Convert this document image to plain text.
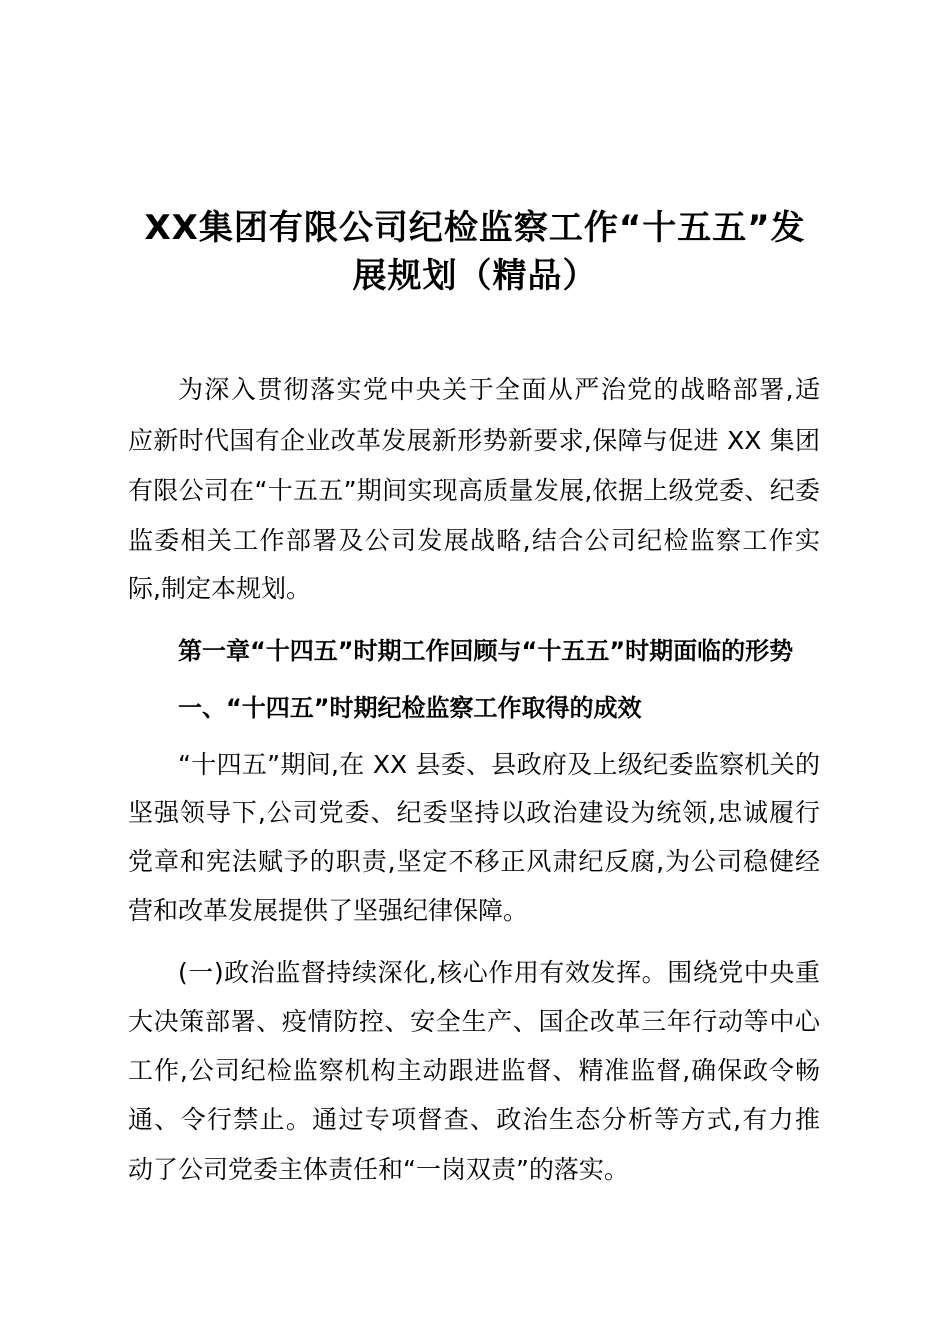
XX集团有限公司纪检监察工作“十五五”发
展规划（精品）
为深入贯彻落实党中央关于全面从严治党的战略部署,适
应新时代国有企业改革发展新形势新要求,保障与促进 XX 集团
有限公司在“十五五”期间实现高质量发展,依据上级党委、纪委
监委相关工作部署及公司发展战略,结合公司纪检监察工作实
际,制定本规划。
第一章“十四五”时期工作回顾与“十五五”时期面临的形势
一、“十四五”时期纪检监察工作取得的成效
“十四五”期间,在 XX 县委、县政府及上级纪委监察机关的
坚强领导下,公司党委、纪委坚持以政治建设为统领,忠诚履行
党章和宪法赋予的职责,坚定不移正风肃纪反腐,为公司稳健经
营和改革发展提供了坚强纪律保障。
(一)政治监督持续深化,核心作用有效发挥。围绕党中央重
大决策部署、疫情防控、安全生产、国企改革三年行动等中心
工作,公司纪检监察机构主动跟进监督、精准监督,确保政令畅
通、令行禁止。通过专项督查、政治生态分析等方式,有力推
动了公司党委主体责任和“一岗双责”的落实。
